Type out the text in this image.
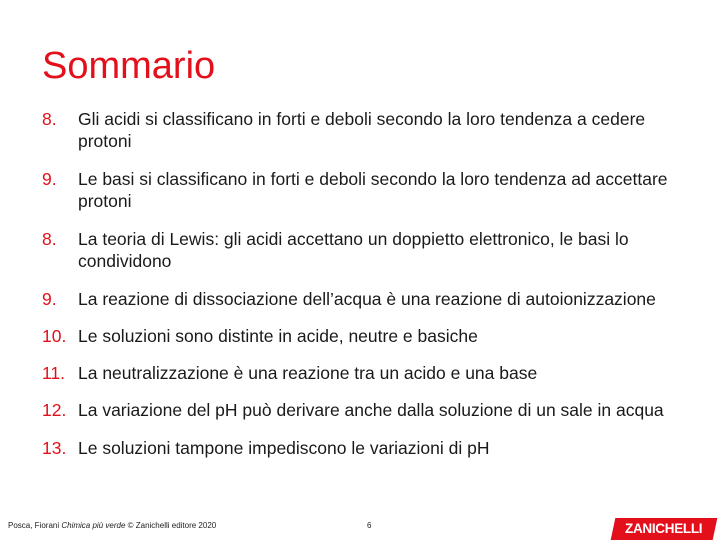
Sommario
8.	Gli acidi si classificano in forti e deboli secondo la loro tendenza a cedere protoni
9.	Le basi si classificano in forti e deboli secondo la loro tendenza ad accettare protoni
8.	La teoria di Lewis: gli acidi accettano un doppietto elettronico, le basi lo condividono
9.	La reazione di dissociazione dell’acqua è una reazione di autoionizzazione
10. Le soluzioni sono distinte in acide, neutre e basiche
11. La neutralizzazione è una reazione tra un acido e una base
12. La variazione del pH può derivare anche dalla soluzione di un sale in acqua
13. Le soluzioni tampone impediscono le variazioni di pH
Posca, Fiorani Chimica più verde © Zanichelli editore 2020	6	ZANICHELLI
